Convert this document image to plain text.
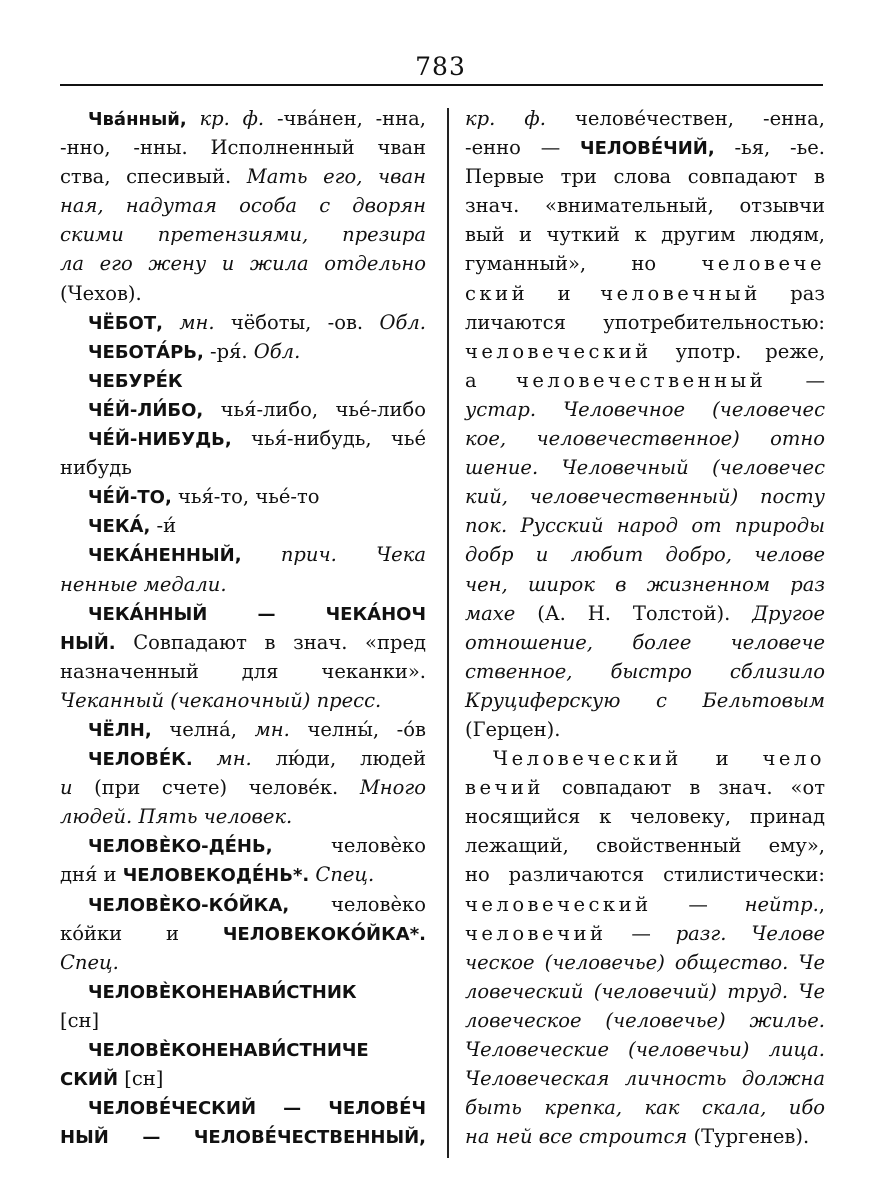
783
Чва́нный, кр. ф. -чва́нен, -нна,
-нно, -нны. Исполненный чван
ства, спесивый. Мать его, чван
ная, надутая особа с дворян
скими претензиями, презира
ла его жену и жила отдельно
(Чехов).
ЧЁБОТ, мн. чёботы, -ов. Обл.
ЧЕБОТА́РЬ, -ря́. Обл.
ЧЕБУРЕ́К
ЧЕ́Й-ЛИ́БО, чья́-либо, чье́-либо
ЧЕ́Й-НИБУДЬ, чья́-нибудь, чье́
нибудь
ЧЕ́Й-ТО, чья́-то, чье́-то
ЧЕКА́, -и́
ЧЕКА́НЕННЫЙ, прич. Чека
ненные медали.
ЧЕКА́ННЫЙ — ЧЕКА́НОЧ
НЫЙ. Совпадают в знач. «пред
назначенный для чеканки».
Чеканный (чеканочный) пресс.
ЧЁЛН, челна́, мн. челны́, -о́в
ЧЕЛОВЕ́К. мн. лю́ди, людей
и (при счете) челове́к. Много
людей. Пять человек.
ЧЕЛОВЀКО-ДЕ́НЬ, человѐко
дня́ и ЧЕЛОВЕКОДЕ́НЬ*. Спец.
ЧЕЛОВЀКО-КО́ЙКА, человѐко
ко́йки и ЧЕЛОВЕКОКО́ЙКА*.
Спец.
ЧЕЛОВЀКОНЕНАВИ́СТНИК
[сн]
ЧЕЛОВЀКОНЕНАВИ́СТНИЧЕ
СКИЙ [сн]
ЧЕЛОВЕ́ЧЕСКИЙ — ЧЕЛОВЕ́Ч
НЫЙ — ЧЕЛОВЕ́ЧЕСТВЕННЫЙ,
кр. ф. челове́чествен, -енна,
-енно — ЧЕЛОВЕ́ЧИЙ, -ья, -ье.
Первые три слова совпадают в
знач. «внимательный, отзывчи
вый и чуткий к другим людям,
гуманный», но человече
ский и человечный раз
личаются употребительностью:
человеческий употр. реже,
а человечественный —
устар. Человечное (человечес
кое, человечественное) отно
шение. Человечный (человечес
кий, человечественный) посту
пок. Русский народ от природы
добр и любит добро, челове
чен, широк в жизненном раз
махе (А. Н. Толстой). Другое
отношение, более человече
ственное, быстро сблизило
Круциферскую с Бельтовым
(Герцен).
Человеческий и чело
вечий совпадают в знач. «от
носящийся к человеку, принад
лежащий, свойственный ему»,
но различаются стилистически:
человеческий — нейтр.,
человечий — разг. Челове
ческое (человечье) общество. Че
ловеческий (человечий) труд. Че
ловеческое (человечье) жилье.
Человеческие (человечьи) лица.
Человеческая личность должна
быть крепка, как скала, ибо
на ней все строится (Тургенев).
